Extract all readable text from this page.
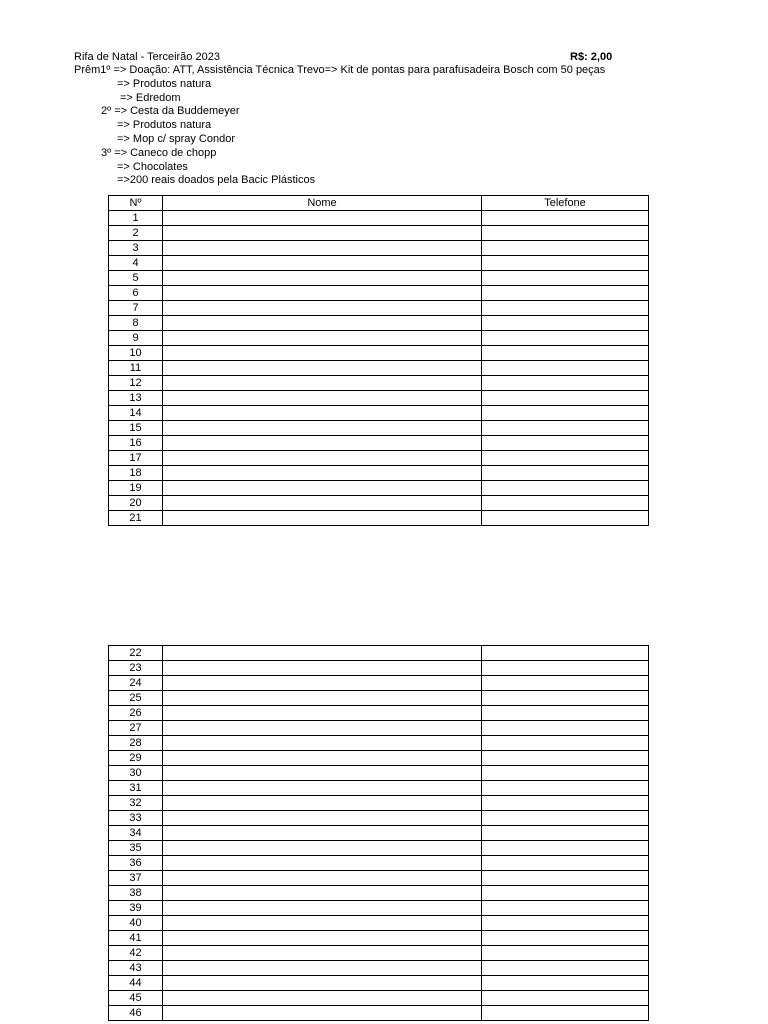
Rifa de Natal - Terceirão 2023	R$: 2,00
Prêm1º => Doação: ATT, Assistência Técnica Trevo=> Kit de pontas para parafusadeira Bosch com 50 peças
=> Produtos natura
=> Edredom
2º => Cesta da Buddemeyer
=> Produtos natura
=> Mop c/ spray Condor
3º => Caneco de chopp
=> Chocolates
=>200 reais doados pela Bacic Plásticos
Nº	Nome	Telefone
1		
2		
3		
4		
5		
6		
7		
8		
9		
10		
11		
12		
13		
14		
15		
16		
17		
18		
19		
20		
21		
22		
23		
24		
25		
26		
27		
28		
29		
30		
31		
32		
33		
34		
35		
36		
37		
38		
39		
40		
41		
42		
43		
44		
45		
46		
